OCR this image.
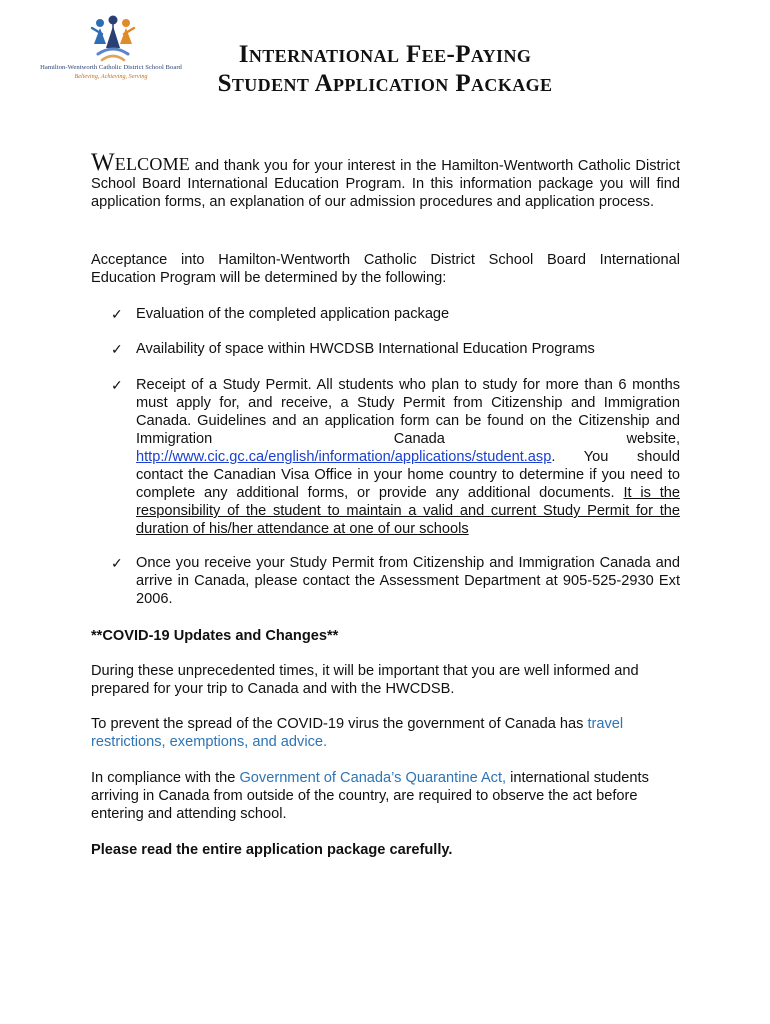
Hamilton-Wentworth Catholic District School Board
Believing, Achieving, Serving
International Fee-Paying
Student Application Package
Welcome and thank you for your interest in the Hamilton-Wentworth Catholic District School Board International Education Program. In this information package you will find application forms, an explanation of our admission procedures and application process.
Acceptance into Hamilton-Wentworth Catholic District School Board International Education Program will be determined by the following:
✓ Evaluation of the completed application package
✓ Availability of space within HWCDSB International Education Programs
✓ Receipt of a Study Permit. All students who plan to study for more than 6 months must apply for, and receive, a Study Permit from Citizenship and Immigration Canada. Guidelines and an application form can be found on the Citizenship and Immigration Canada website, http://www.cic.gc.ca/english/information/applications/student.asp. You should contact the Canadian Visa Office in your home country to determine if you need to complete any additional forms, or provide any additional documents. It is the responsibility of the student to maintain a valid and current Study Permit for the duration of his/her attendance at one of our schools
✓ Once you receive your Study Permit from Citizenship and Immigration Canada and arrive in Canada, please contact the Assessment Department at 905-525-2930 Ext 2006.
**COVID-19 Updates and Changes**
During these unprecedented times, it will be important that you are well informed and prepared for your trip to Canada and with the HWCDSB.
To prevent the spread of the COVID-19 virus the government of Canada has travel restrictions, exemptions, and advice.
In compliance with the Government of Canada’s Quarantine Act, international students arriving in Canada from outside of the country, are required to observe the act before entering and attending school.
Please read the entire application package carefully.
